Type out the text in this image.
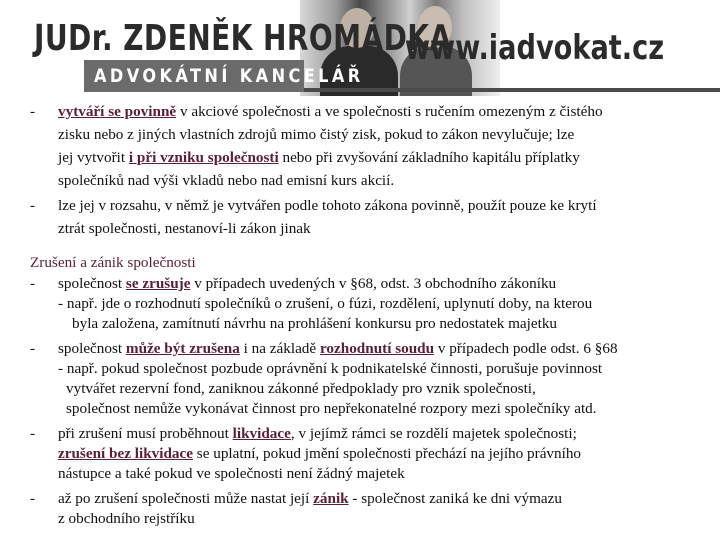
JUDr. ZDENĚK HROMÁDKA
www.iadvokat.cz
ADVOKÁTNÍ KANCELÁŘ
- vytváří se povinně v akciové společnosti a ve společnosti s ručením omezeným z čistého
zisku nebo z jiných vlastních zdrojů mimo čistý zisk, pokud to zákon nevylučuje; lze
jej vytvořit i při vzniku společnosti nebo při zvyšování základního kapitálu příplatky
společníků nad výši vkladů nebo nad emisní kurs akcií.
- lze jej v rozsahu, v němž je vytvářen podle tohoto zákona povinně, použít pouze ke krytí
ztrát společnosti, nestanoví-li zákon jinak
Zrušení a zánik společnosti
- společnost se zrušuje v případech uvedených v §68, odst. 3 obchodního zákoníku
- např. jde o rozhodnutí společníků o zrušení, o fúzi, rozdělení, uplynutí doby, na kterou
byla založena, zamítnutí návrhu na prohlášení konkursu pro nedostatek majetku
- společnost může být zrušena i na základě rozhodnutí soudu v případech podle odst. 6 §68
- např. pokud společnost pozbude oprávnění k podnikatelské činnosti, porušuje povinnost
vytvářet rezervní fond, zaniknou zákonné předpoklady pro vznik společnosti,
společnost nemůže vykonávat činnost pro nepřekonatelné rozpory mezi společníky atd.
- při zrušení musí proběhnout likvidace, v jejímž rámci se rozdělí majetek společnosti;
zrušení bez likvidace se uplatní, pokud jmění společnosti přechází na jejího právního
nástupce a také pokud ve společnosti není žádný majetek
- až po zrušení společnosti může nastat její zánik - společnost zaniká ke dni výmazu
z obchodního rejstříku
